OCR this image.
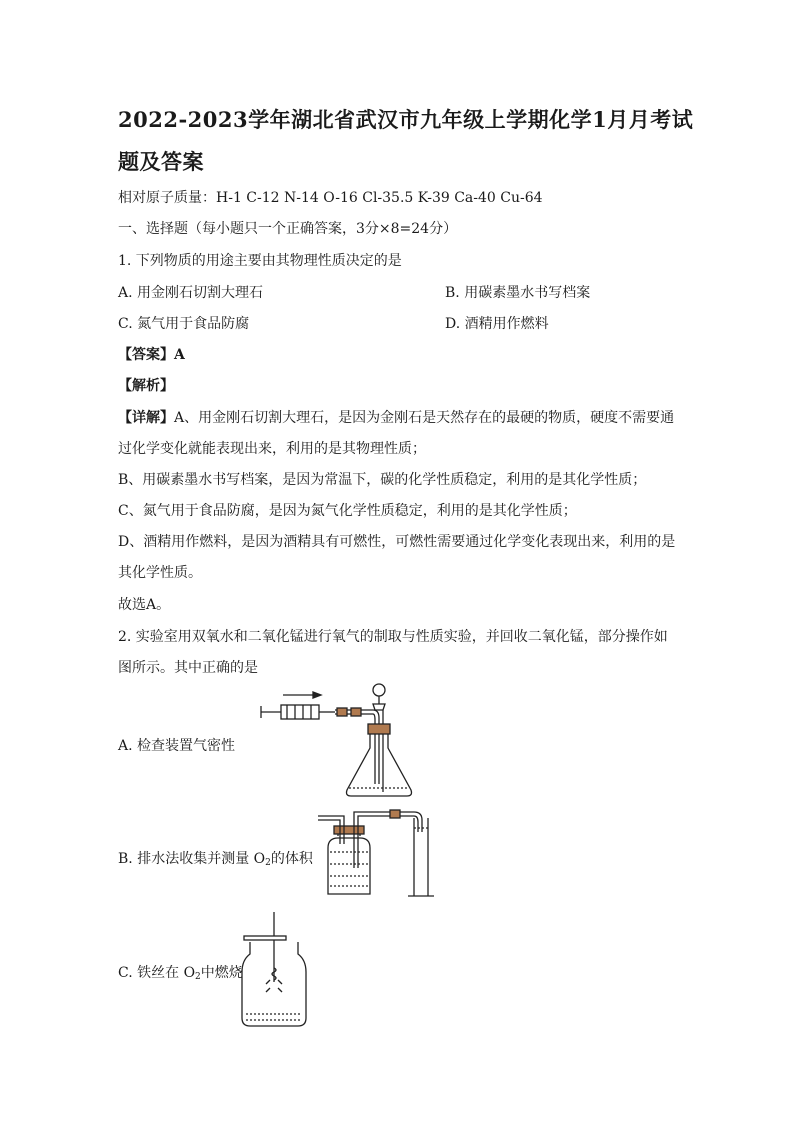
2022-2023学年湖北省武汉市九年级上学期化学1月月考试
题及答案
相对原子质量：H-1 C-12 N-14 O-16 Cl-35.5 K-39 Ca-40 Cu-64
一、选择题（每小题只一个正确答案，3分×8=24分）
1. 下列物质的用途主要由其物理性质决定的是
A. 用金刚石切割大理石	B. 用碳素墨水书写档案
C. 氮气用于食品防腐	D. 酒精用作燃料
【答案】A
【解析】
【详解】A、用金刚石切割大理石，是因为金刚石是天然存在的最硬的物质，硬度不需要通
过化学变化就能表现出来，利用的是其物理性质；
B、用碳素墨水书写档案，是因为常温下，碳的化学性质稳定，利用的是其化学性质；
C、氮气用于食品防腐，是因为氮气化学性质稳定，利用的是其化学性质；
D、酒精用作燃料，是因为酒精具有可燃性，可燃性需要通过化学变化表现出来，利用的是
其化学性质。
故选A。
2. 实验室用双氧水和二氧化锰进行氧气的制取与性质实验，并回收二氧化锰，部分操作如
图所示。其中正确的是
A. 检查装置气密性
B. 排水法收集并测量 $O_2$的体积
C. 铁丝在 $O_2$中燃烧
